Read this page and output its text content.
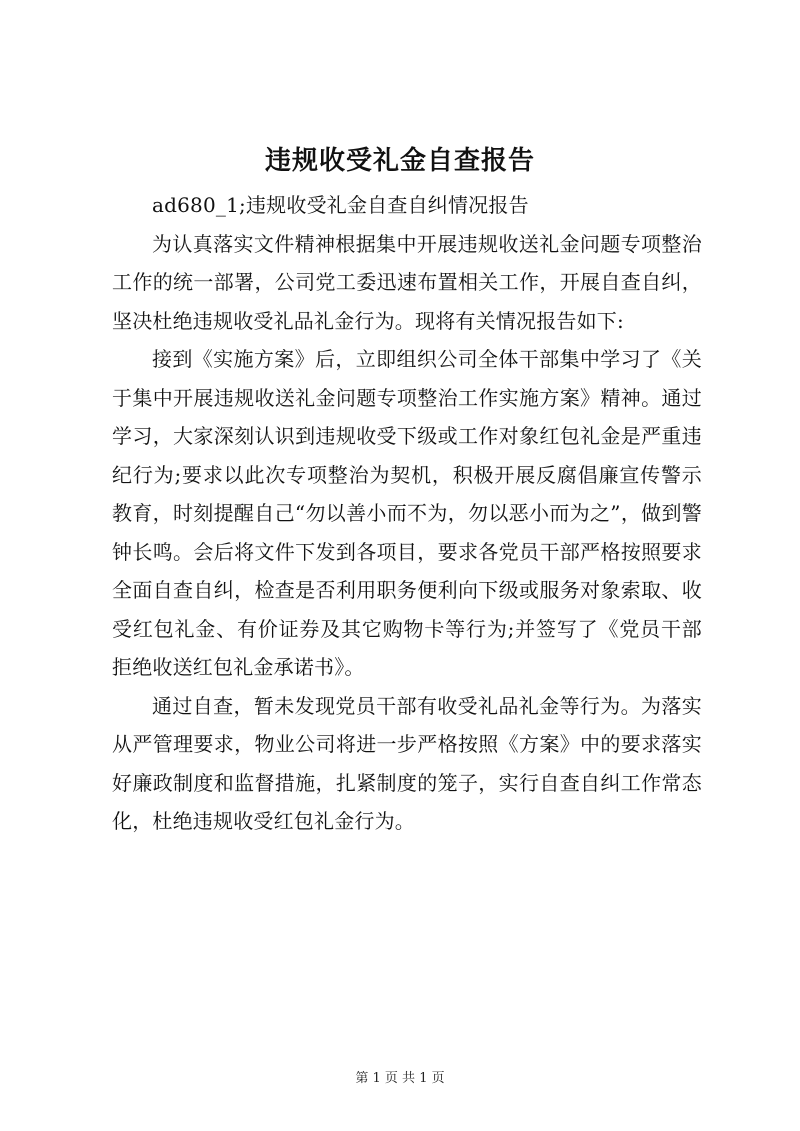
违规收受礼金自查报告

ad680_1;违规收受礼金自查自纠情况报告

为认真落实文件精神根据集中开展违规收送礼金问题专项整治工作的统一部署，公司党工委迅速布置相关工作，开展自查自纠，坚决杜绝违规收受礼品礼金行为。现将有关情况报告如下:

接到《实施方案》后，立即组织公司全体干部集中学习了《关于集中开展违规收送礼金问题专项整治工作实施方案》精神。通过学习，大家深刻认识到违规收受下级或工作对象红包礼金是严重违纪行为;要求以此次专项整治为契机，积极开展反腐倡廉宣传警示教育，时刻提醒自己“勿以善小而不为，勿以恶小而为之”，做到警钟长鸣。会后将文件下发到各项目，要求各党员干部严格按照要求全面自查自纠，检查是否利用职务便利向下级或服务对象索取、收受红包礼金、有价证券及其它购物卡等行为;并签写了《党员干部拒绝收送红包礼金承诺书》。

通过自查，暂未发现党员干部有收受礼品礼金等行为。为落实从严管理要求，物业公司将进一步严格按照《方案》中的要求落实好廉政制度和监督措施，扎紧制度的笼子，实行自查自纠工作常态化，杜绝违规收受红包礼金行为。

第 1 页 共 1 页
